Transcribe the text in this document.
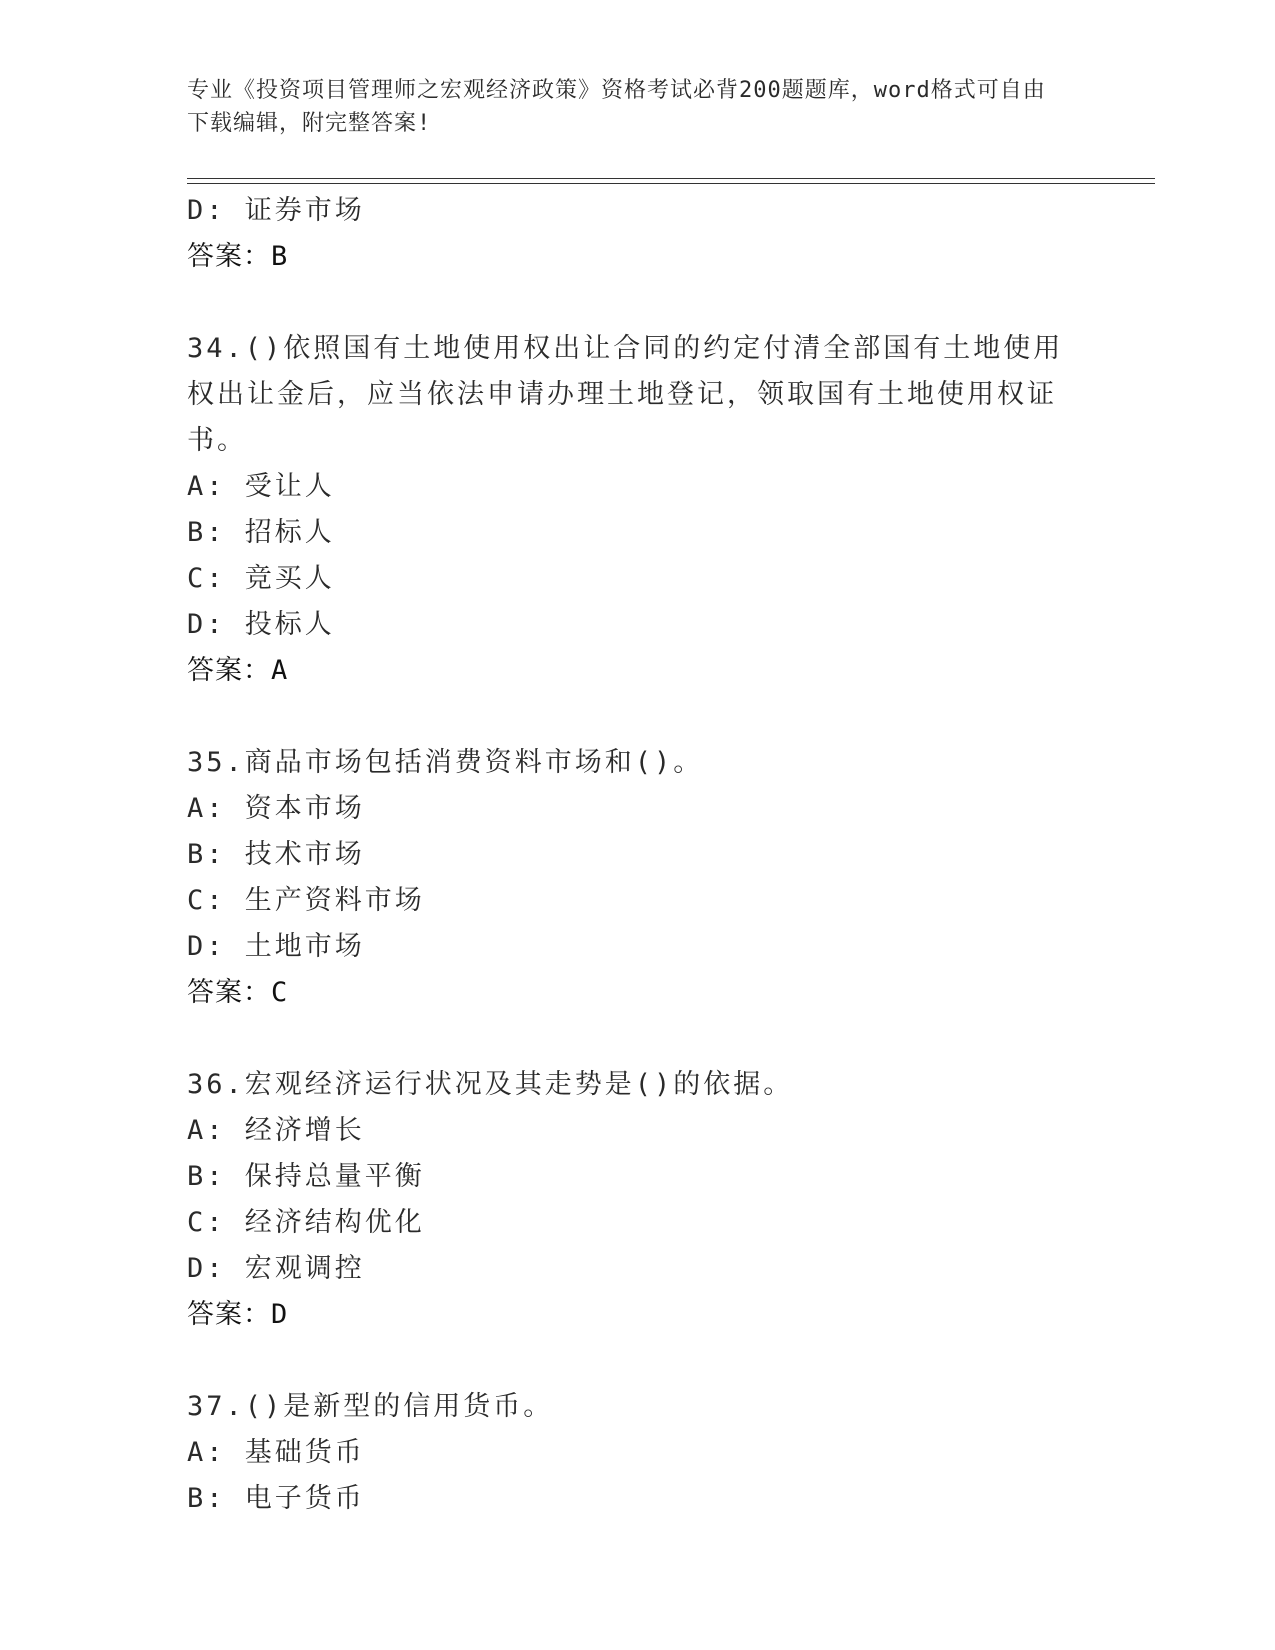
专业《投资项目管理师之宏观经济政策》资格考试必背200题题库，word格式可自由下载编辑，附完整答案!
D: 证券市场
答案：B
34.()依照国有土地使用权出让合同的约定付清全部国有土地使用权出让金后，应当依法申请办理土地登记，领取国有土地使用权证书。
A: 受让人
B: 招标人
C: 竞买人
D: 投标人
答案：A
35.商品市场包括消费资料市场和()。
A: 资本市场
B: 技术市场
C: 生产资料市场
D: 土地市场
答案：C
36.宏观经济运行状况及其走势是()的依据。
A: 经济增长
B: 保持总量平衡
C: 经济结构优化
D: 宏观调控
答案：D
37.()是新型的信用货币。
A: 基础货币
B: 电子货币
